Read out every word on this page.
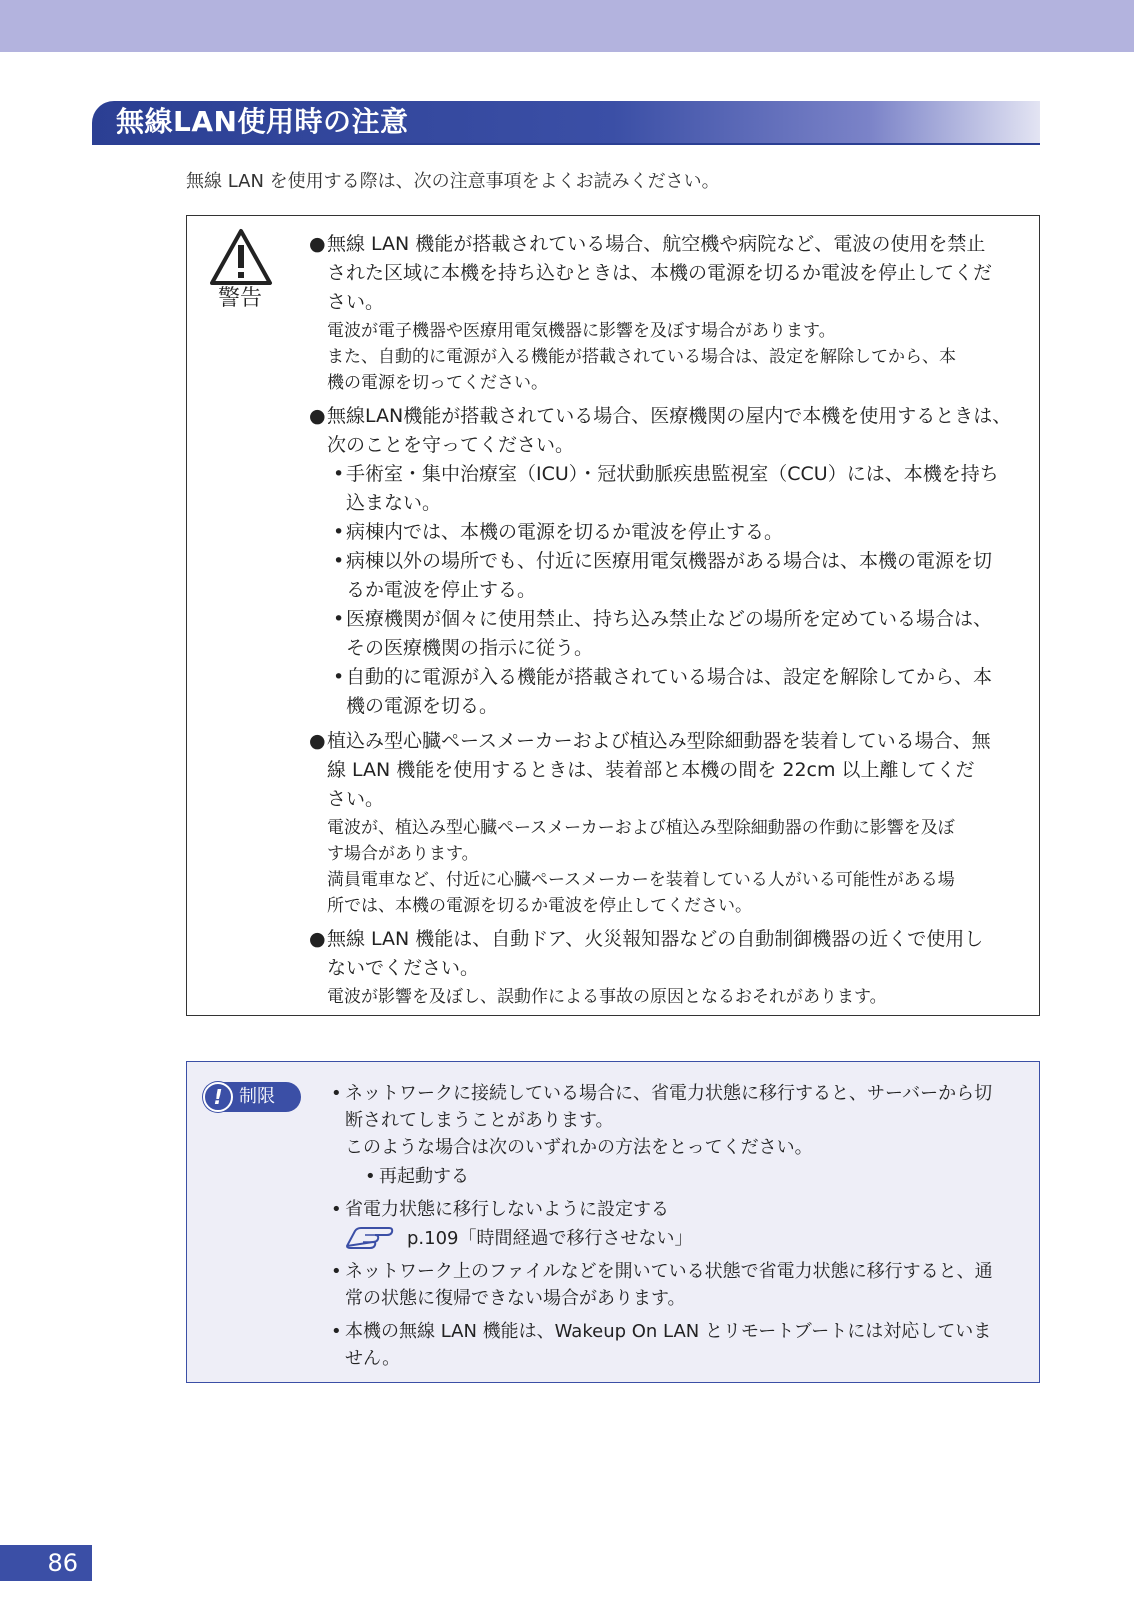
無線LAN使用時の注意
無線 LAN を使用する際は、次の注意事項をよくお読みください。
警告
● 無線 LAN 機能が搭載されている場合、航空機や病院など、電波の使用を禁止
された区域に本機を持ち込むときは、本機の電源を切るか電波を停止してくだ
さい。
電波が電子機器や医療用電気機器に影響を及ぼす場合があります。
また、自動的に電源が入る機能が搭載されている場合は、設定を解除してから、本
機の電源を切ってください。
● 無線LAN機能が搭載されている場合、医療機関の屋内で本機を使用するときは、
次のことを守ってください。
• 手術室・集中治療室（ICU）・冠状動脈疾患監視室（CCU）には、本機を持ち
込まない。
• 病棟内では、本機の電源を切るか電波を停止する。
• 病棟以外の場所でも、付近に医療用電気機器がある場合は、本機の電源を切
るか電波を停止する。
• 医療機関が個々に使用禁止、持ち込み禁止などの場所を定めている場合は、
その医療機関の指示に従う。
• 自動的に電源が入る機能が搭載されている場合は、設定を解除してから、本
機の電源を切る。
● 植込み型心臓ペースメーカーおよび植込み型除細動器を装着している場合、無
線 LAN 機能を使用するときは、装着部と本機の間を 22cm 以上離してくだ
さい。
電波が、植込み型心臓ペースメーカーおよび植込み型除細動器の作動に影響を及ぼ
す場合があります。
満員電車など、付近に心臓ペースメーカーを装着している人がいる可能性がある場
所では、本機の電源を切るか電波を停止してください。
● 無線 LAN 機能は、自動ドア、火災報知器などの自動制御機器の近くで使用し
ないでください。
電波が影響を及ぼし、誤動作による事故の原因となるおそれがあります。
! 制限	• ネットワークに接続している場合に、省電力状態に移行すると、サーバーから切
断されてしまうことがあります。
このような場合は次のいずれかの方法をとってください。
• 再起動する
• 省電力状態に移行しないように設定する
p.109「時間経過で移行させない」
• ネットワーク上のファイルなどを開いている状態で省電力状態に移行すると、通
常の状態に復帰できない場合があります。
• 本機の無線 LAN 機能は、Wakeup On LAN とリモートブートには対応していま
せん。
86
